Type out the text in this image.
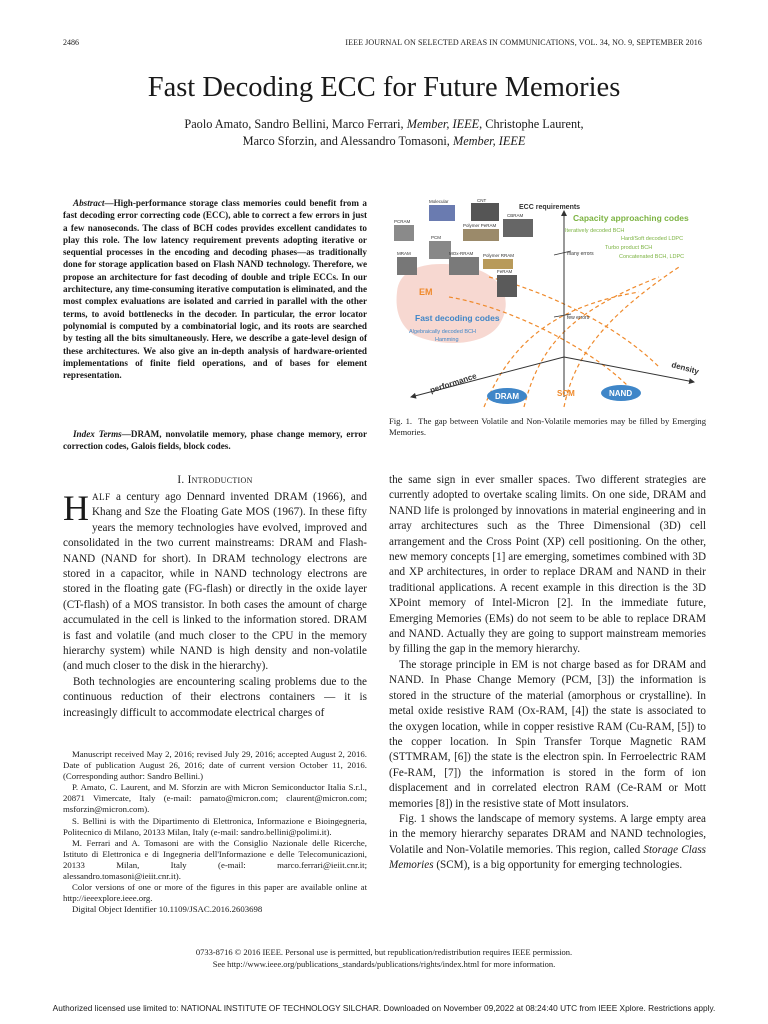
2486	IEEE JOURNAL ON SELECTED AREAS IN COMMUNICATIONS, VOL. 34, NO. 9, SEPTEMBER 2016
Fast Decoding ECC for Future Memories
Paolo Amato, Sandro Bellini, Marco Ferrari, Member, IEEE, Christophe Laurent,
Marco Sforzin, and Alessandro Tomasoni, Member, IEEE
Abstract—High-performance storage class memories could benefit from a fast decoding error correcting code (ECC), able to correct a few errors in just a few nanoseconds. The class of BCH codes provides excellent candidates to play this role. The low latency requirement prevents adopting iterative or sequential processes in the encoding and decoding phases—as traditionally done for storage application based on Flash NAND technology. Therefore, we propose an architecture for fast decoding of double and triple ECCs. In our architecture, any time-consuming iterative computation is eliminated, and the most complex evaluations are isolated and carried in parallel with the other terms, to avoid bottlenecks in the decoder. In particular, the error locator polynomial is computed by a combinatorial logic, and its roots are searched by testing all the bits simultaneously. Here, we describe a gate-level design of these architectures. We also give an in-depth analysis of hardware-oriented implementations of finite field operations, and of bases for element representation.
Index Terms—DRAM, nonvolatile memory, phase change memory, error correction codes, Galois fields, block codes.
I. Introduction

HALF a century ago Dennard invented DRAM (1966), and Khang and Sze the Floating Gate MOS (1967). In these fifty years the memory technologies have evolved, improved and consolidated in the two current mainstreams: DRAM and Flash-NAND (NAND for short). In DRAM technology electrons are stored in a capacitor, while in NAND technology electrons are stored in the floating gate (FG-flash) or directly in the oxide layer (CT-flash) of a MOS transistor. In both cases the amount of charge accumulated in the cell is linked to the information stored. DRAM is fast and volatile (and much closer to the CPU in the memory hierarchy system) while NAND is high density and non-volatile (and much closer to the disk in the hierarchy).

Both technologies are encountering scaling problems due to the continuous reduction of their electrons containers — it is increasingly difficult to accommodate electrical charges of

Manuscript received May 2, 2016; revised July 29, 2016; accepted August 2, 2016. Date of publication August 26, 2016; date of current version October 11, 2016. (Corresponding author: Sandro Bellini.)

P. Amato, C. Laurent, and M. Sforzin are with Micron Semiconductor Italia S.r.l., 20871 Vimercate, Italy (e-mail: pamato@micron.com; claurent@micron.com; msforzin@micron.com).

S. Bellini is with the Dipartimento di Elettronica, Informazione e Bioingegneria, Politecnico di Milano, 20133 Milan, Italy (e-mail: sandro.bellini@polimi.it).

M. Ferrari and A. Tomasoni are with the Consiglio Nazionale delle Ricerche, Istituto di Elettronica e di Ingegneria dell'Informazione e delle Telecomunicazioni, 20133 Milan, Italy (e-mail: marco.ferrari@ieiit.cnr.it; alessandro.tomasoni@ieiit.cnr.it).

Color versions of one or more of the figures in this paper are available online at http://ieeexplore.ieee.org.

Digital Object Identifier 10.1109/JSAC.2016.2603698

Molecular	CNT
PCRAM
CBRAM
PCM
Polymer PeRAM
MRAM	MOx-RRAM Polymer RRAM
FeRAM
EM
ECC requirements
Capacity approaching codes
Iteratively decoded BCH
Hard/Soft decoded LDPC
Turbo product BCH
Concatenated BCH, LDPC
many errors
few errors
Fast decoding codes
Algebraically decoded BCH
Hamming
performance
density
DRAM	SCM	NAND
Fig. 1. The gap between Volatile and Non-Volatile memories may be filled by Emerging Memories.

the same sign in ever smaller spaces. Two different strategies are currently adopted to overtake scaling limits. On one side, DRAM and NAND life is prolonged by innovations in material engineering and in array architectures such as the Three Dimensional (3D) cell arrangement and the Cross Point (XP) cell positioning. On the other, new memory concepts [1] are emerging, sometimes combined with 3D and XP architectures, in order to replace DRAM and NAND in their traditional applications. A recent example in this direction is the 3D XPoint memory of Intel-Micron [2]. In the immediate future, Emerging Memories (EMs) do not seem to be able to replace DRAM and NAND. Actually they are going to support mainstream memories by filling the gap in the memory hierarchy.

The storage principle in EM is not charge based as for DRAM and NAND. In Phase Change Memory (PCM, [3]) the information is stored in the structure of the material (amorphous or crystalline). In metal oxide resistive RAM (Ox-RAM, [4]) the state is associated to the oxygen location, while in copper resistive RAM (Cu-RAM, [5]) to the copper location. In Spin Transfer Torque Magnetic RAM (STTMRAM, [6]) the state is the electron spin. In Ferroelectric RAM (Fe-RAM, [7]) the information is stored in the form of ion displacement and in correlated electron RAM (Ce-RAM or Mott memories [8]) in the resistive state of Mott insulators.

Fig. 1 shows the landscape of memory systems. A large empty area in the memory hierarchy separates DRAM and NAND technologies, Volatile and Non-Volatile memories. This region, called Storage Class Memories (SCM), is a big opportunity for emerging technologies.

0733-8716 © 2016 IEEE. Personal use is permitted, but republication/redistribution requires IEEE permission.
See http://www.ieee.org/publications_standards/publications/rights/index.html for more information.
Authorized licensed use limited to: NATIONAL INSTITUTE OF TECHNOLOGY SILCHAR. Downloaded on November 09,2022 at 08:24:40 UTC from IEEE Xplore. Restrictions apply.
